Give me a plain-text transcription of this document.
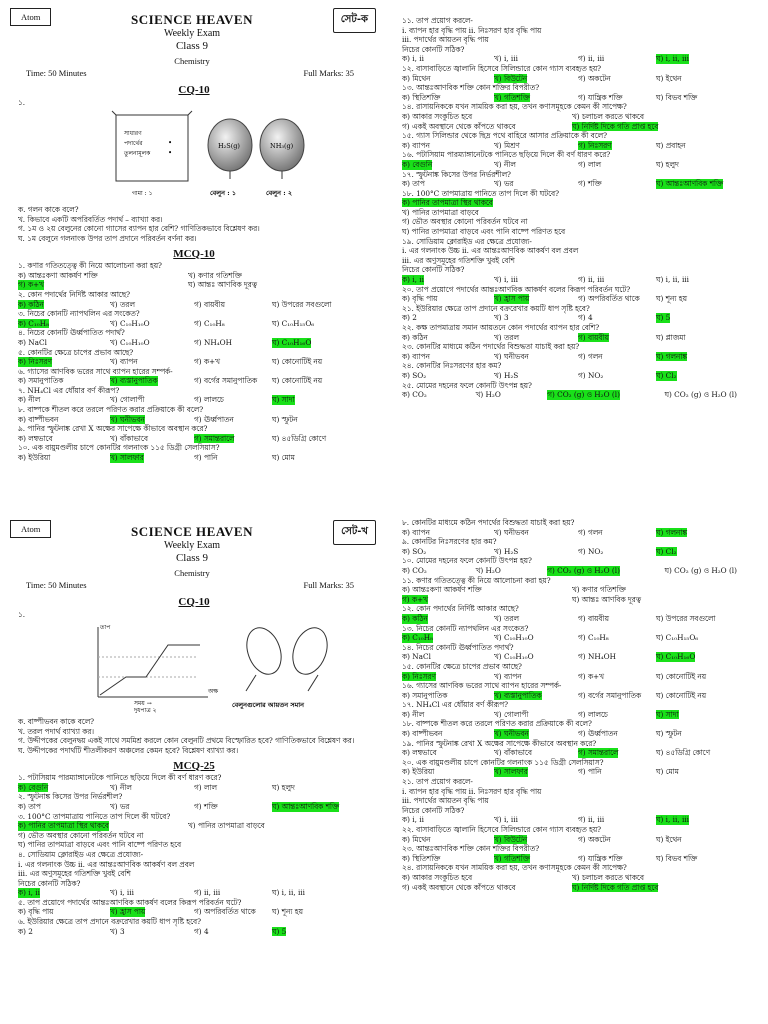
Atom	SCIENCE HEAVEN	সেট-ক
Weekly Exam
Class 9
Chemistry
Time: 50 Minutes	Full Marks: 35
CQ-10
১.
সাধারণ
পদার্থের
তুলনামূলক
•
•
গামা : ১
H₂S(g)	NH₃(g)
বেলুন : ১	বেলুন : ২
ক. গলন কাকে বলে?
খ. কিভাবে একটি অপরিবর্তিত পদার্থ – ব্যাখ্যা কর।
গ. ১ম ও ২য় বেলুনের কোনো গ্যাসের ব্যাপন হার বেশি? গাণিতিকভাবে বিশ্লেষণ কর।
ঘ. ১ম বেলুনে গলনাংক উপর তাপ প্রদানে পরিবর্তন বর্ণনা কর।
MCQ-10
১. কণার গতিতত্ত্বে কী নিয়ে আলোচনা করা হয়?
ক) আন্তঃকণা আকর্ষণ শক্তি	খ) কণার গতিশক্তি
গ) ক+খ	ঘ) আন্তঃ আণবিক দূরত্ব
২. কোন পদার্থের নির্দিষ্ট আকার আছে?
ক) কঠিন	খ) তরল	গ) বায়বীয়	ঘ) উপরের সবগুলো
৩. নিচের কোনটি ন্যাপথলিন এর সংকেত?
ক) C₁₀H₈	খ) C₁₀H₁₀O	গ) C₁₀H₈	ঘ) C₁₀H₁₅O₆
৪. নিচের কোনটি ঊর্ধ্বপাতিত পদার্থ?
ক) NaCl	খ) C₁₀H₁₀O	গ) NH₄OH	ঘ) C₁₀H₁₆O
৫. কোনটির ক্ষেত্রে চাপের প্রভাব আছে?
ক) নিঃসরণ	খ) ব্যাপন	গ) ক+খ	ঘ) কোনোটিই নয়
৬. গ্যাসের আণবিক ভরের সাথে ব্যাপন হারের সম্পর্ক-
ক) সমানুপাতিক	খ) ব্যস্তানুপাতিক	গ) বর্গের সমানুপাতিক	ঘ) কোনোটিই নয়
৭. NH₄Cl এর ধোঁয়ার বর্ণ কীরূপ?
ক) নীল	খ) গোলাপী	গ) লালচে	ঘ) সাদা
৮. বাষ্পকে শীতল করে তরলে পরিণত করার প্রক্রিয়াকে কী বলে?
ক) বাষ্পীভবন	খ) ঘনীভবন	গ) ঊর্ধ্বপাতন	ঘ) স্ফুটন
৯. পানির স্ফুটনাঙ্ক রেখা X অক্ষের সাপেক্ষে কীভাবে অবস্থান করে?
ক) লম্বভাবে	খ) বাঁকাভাবে	গ) সমান্তরালে	ঘ) ৪৫ডিগ্রি কোণে
১০. এক বায়ুমণ্ডলীয় চাপে কোনটির গলনাংক ১১৫ ডিগ্রী সেলসিয়াস?
ক) ইউরিয়া	খ) সালফার	গ) পানি	ঘ) মোম
১১. তাপ প্রয়োগ করলে-
i. ব্যাপন হার বৃদ্ধি পায় ii. নিঃসরণ হার বৃদ্ধি পায়
iii. পদার্থের আয়তন বৃদ্ধি পায়
নিচের কোনটি সঠিক?
ক) i, ii	খ) i, iii	গ) ii, iii	ঘ) i, ii, iii
১২. বাসাবাড়িতে জ্বালানি হিসেবে সিলিন্ডারে কোন গ্যাস ব্যবহৃত হয়?
ক) মিথেন	খ) বিউটেন	গ) অকটেন	ঘ) ইথেন
১৩. আন্তঃআণবিক শক্তি কোন শক্তির বিপরীত?
ক) স্থিতিশক্তি	খ) গতিশক্তি	গ) যান্ত্রিক শক্তি	ঘ) বিভব শক্তি
১৪. রাসায়নিককে যখন সাময়িক করা হয়, তখন কণাসমূহকে কেমন কী সাপেক্ষ?
ক) আকার সংকুচিত হবে	খ) চলাচল করতে থাকবে
গ) একই অবস্থানে থেকে কাঁপতে থাকবে	ঘ) নির্দিষ্ট দিকে গতি প্রাপ্ত হবে
১৫. গ্যাস সিলিন্ডার থেকে ছিদ্র পথে বাহিরে আসার প্রক্রিয়াকে কী বলে?
ক) ব্যাপন	খ) মিশ্রণ	গ) নিঃসরণ	ঘ) প্রবাহন
১৬. পটাসিয়াম পারম্যাঙ্গানেটকে পানিতে ছড়িয়ে দিলে কী বর্ণ ধারণ করে?
ক) বেগুনি	খ) নীল	গ) লাল	ঘ) হলুদ
১৭. স্ফুটনাঙ্ক কিসের উপর নির্ভরশীল?
ক) তাপ	খ) ভর	গ) শক্তি	ঘ) আন্তঃআণবিক শক্তি
১৮. 100°C তাপমাত্রায় পানিতে তাপ দিলে কী ঘটবে?
ক) পানির তাপমাত্রা স্থির থাকবে
খ) পানির তাপমাত্রা বাড়বে
গ) ভৌত অবস্থার কোনো পরিবর্তন ঘটবে না
ঘ) পানির তাপমাত্রা বাড়বে এবং পানি বাষ্পে পরিণত হবে
১৯. সোডিয়াম ক্লোরাইড এর ক্ষেত্রে প্রযোজ্য-
i. এর গলনাংক উচ্চ ii. এর আন্তঃআণবিক আকর্ষণ বল প্রবল
iii. এর অণুসমূহের গতিশক্তি খুবই বেশি
নিচের কোনটি সঠিক?
ক) i, ii	খ) i, iii	গ) ii, iii	ঘ) i, ii, iii
২০. তাপ প্রয়োগে পদার্থের আন্তঃআণবিক আকর্ষণ বলের কিরূপ পরিবর্তন ঘটে?
ক) বৃদ্ধি পায়	খ) হ্রাস পায়	গ) অপরিবর্তিত থাকে	ঘ) শূন্য হয়
২১. ইউরিয়ার ক্ষেত্রে তাপ প্রদানে বক্ররেখার কয়টি ধাপ সৃষ্টি হবে?
ক) 2	খ) 3	গ) 4	ঘ) 5
২২. কক্ষ তাপমাত্রায় সমান আয়তনে কোন পদার্থের ব্যাপন হার বেশি?
ক) কঠিন	খ) তরল	গ) বায়বীয়	ঘ) প্লাজমা
২৩. কোনটির মাধ্যমে কঠিন পদার্থের বিশুদ্ধতা যাচাই করা হয়?
ক) ব্যাপন	খ) ঘনীভবন	গ) গলন	ঘ) গলনাঙ্ক
২৪. কোনটির নিঃসরণের হার কম?
ক) SO₂	খ) H₂S	গ) NO₂	ঘ) Cl₂
২৫. মোমের দহনের ফলে কোনটি উৎপন্ন হয়?
ক) CO₂	খ) H₂O	গ) CO₂ (g) ও H₂O (l)	ঘ) CO₂ (g) ও H₂O (l)
Atom	SCIENCE HEAVEN	সেট-খ
Weekly Exam
Class 9
Chemistry
Time: 50 Minutes	Full Marks: 35
CQ-10
১.
তাপ
সময় →
দুধপাত্র ২
অক্ষ
বেলুনগুলোর আয়তন সমান
ক. বাষ্পীভবন কাকে বলে?
খ. তরল পদার্থ ব্যাখ্যা কর।
গ. উদ্দীপকের বেলুনদ্বয় একই সাথে সমমিশ্র করলে কোন বেলুনটি প্রথমে বিস্ফোরিত হবে? গাণিতিকভাবে বিশ্লেষণ কর।
ঘ. উদ্দীপকের পদার্থটি শীতলীকরণ অঞ্চলের কেমন হবে? বিশ্লেষণ ব্যাখ্যা কর।
MCQ-25
১. পটাসিয়াম পারম্যাঙ্গানেটকে পানিতে ছড়িয়ে দিলে কী বর্ণ ধারণ করে?
ক) বেগুনি	খ) নীল	গ) লাল	ঘ) হলুদ
২. স্ফুটনাঙ্ক কিসের উপর নির্ভরশীল?
ক) তাপ	খ) ভর	গ) শক্তি	ঘ) আন্তঃআণবিক শক্তি
৩. 100°C তাপমাত্রায় পানিতে তাপ দিলে কী ঘটবে?
ক) পানির তাপমাত্রা স্থির থাকবে	খ) পানির তাপমাত্রা বাড়বে
গ) ভৌত অবস্থার কোনো পরিবর্তন ঘটবে না
ঘ) পানির তাপমাত্রা বাড়বে এবং পানি বাষ্পে পরিণত হবে
৪. সোডিয়াম ক্লোরাইড এর ক্ষেত্রে প্রযোজ্য-
i. এর গলনাংক উচ্চ ii. এর আন্তঃআণবিক আকর্ষণ বল প্রবল
iii. এর অণুসমূহের গতিশক্তি খুবই বেশি
নিচের কোনটি সঠিক?
ক) i, ii	খ) i, iii	গ) ii, iii	ঘ) i, ii, iii
৫. তাপ প্রয়োগে পদার্থের আন্তঃআণবিক আকর্ষণ বলের কিরূপ পরিবর্তন ঘটে?
ক) বৃদ্ধি পায়	খ) হ্রাস পায়	গ) অপরিবর্তিত থাকে	ঘ) শূন্য হয়
৬. ইউরিয়ার ক্ষেত্রে তাপ প্রদানে বক্ররেখার কয়টি ধাপ সৃষ্টি হবে?
ক) 2	খ) 3	গ) 4	ঘ) 5
৮. কোনটির মাধ্যমে কঠিন পদার্থের বিশুদ্ধতা যাচাই করা হয়?
ক) ব্যাপন	খ) ঘনীভবন	গ) গলন	ঘ) গলনাঙ্ক
৯. কোনটির নিঃসরণের হার কম?
ক) SO₂	খ) H₂S	গ) NO₂	ঘ) Cl₂
১০. মোমের দহনের ফলে কোনটি উৎপন্ন হয়?
ক) CO₂	খ) H₂O	গ) CO₂ (g) ও H₂O (l)	ঘ) CO₂ (g) ও H₂O (l)
১১. কণার গতিতত্ত্বে কী নিয়ে আলোচনা করা হয়?
ক) আন্তঃকণা আকর্ষণ শক্তি	খ) কণার গতিশক্তি
গ) ক+খ	ঘ) আন্তঃ আণবিক দূরত্ব
১২. কোন পদার্থের নির্দিষ্ট আকার আছে?
ক) কঠিন	খ) তরল	গ) বায়বীয়	ঘ) উপরের সবগুলো
১৩. নিচের কোনটি ন্যাপথলিন এর সংকেত?
ক) C₁₀H₈	খ) C₁₀H₁₀O	গ) C₁₀H₈	ঘ) C₁₀H₁₅O₆
১৪. নিচের কোনটি ঊর্ধ্বপাতিত পদার্থ?
ক) NaCl	খ) C₁₀H₁₀O	গ) NH₄OH	ঘ) C₁₀H₁₆O
১৫. কোনটির ক্ষেত্রে চাপের প্রভাব আছে?
ক) নিঃসরণ	খ) ব্যাপন	গ) ক+খ	ঘ) কোনোটিই নয়
১৬. গ্যাসের আণবিক ভরের সাথে ব্যাপন হারের সম্পর্ক-
ক) সমানুপাতিক	খ) ব্যস্তানুপাতিক	গ) বর্গের সমানুপাতিক	ঘ) কোনোটিই নয়
১৭. NH₄Cl এর ধোঁয়ার বর্ণ কীরূপ?
ক) নীল	খ) গোলাপী	গ) লালচে	ঘ) সাদা
১৮. বাষ্পকে শীতল করে তরলে পরিণত করার প্রক্রিয়াকে কী বলে?
ক) বাষ্পীভবন	খ) ঘনীভবন	গ) ঊর্ধ্বপাতন	ঘ) স্ফুটন
১৯. পানির স্ফুটনাঙ্ক রেখা X অক্ষের সাপেক্ষে কীভাবে অবস্থান করে?
ক) লম্বভাবে	খ) বাঁকাভাবে	গ) সমান্তরালে	ঘ) ৪৫ডিগ্রি কোণে
২০. এক বায়ুমণ্ডলীয় চাপে কোনটির গলনাংক ১১৫ ডিগ্রী সেলসিয়াস?
ক) ইউরিয়া	খ) সালফার	গ) পানি	ঘ) মোম
২১. তাপ প্রয়োগ করলে-
i. ব্যাপন হার বৃদ্ধি পায় ii. নিঃসরণ হার বৃদ্ধি পায়
iii. পদার্থের আয়তন বৃদ্ধি পায়
নিচের কোনটি সঠিক?
ক) i, ii	খ) i, iii	গ) ii, iii	ঘ) i, ii, iii
২২. বাসাবাড়িতে জ্বালানি হিসেবে সিলিন্ডারে কোন গ্যাস ব্যবহৃত হয়?
ক) মিথেন	খ) বিউটেন	গ) অকটেন	ঘ) ইথেন
২৩. আন্তঃআণবিক শক্তি কোন শক্তির বিপরীত?
ক) স্থিতিশক্তি	খ) গতিশক্তি	গ) যান্ত্রিক শক্তি	ঘ) বিভব শক্তি
২৪. রাসায়নিককে যখন সাময়িক করা হয়, তখন কণাসমূহকে কেমন কী সাপেক্ষ?
ক) আকার সংকুচিত হবে	খ) চলাচল করতে থাকবে
গ) একই অবস্থানে থেকে কাঁপতে থাকবে	ঘ) নির্দিষ্ট দিকে গতি প্রাপ্ত হবে
